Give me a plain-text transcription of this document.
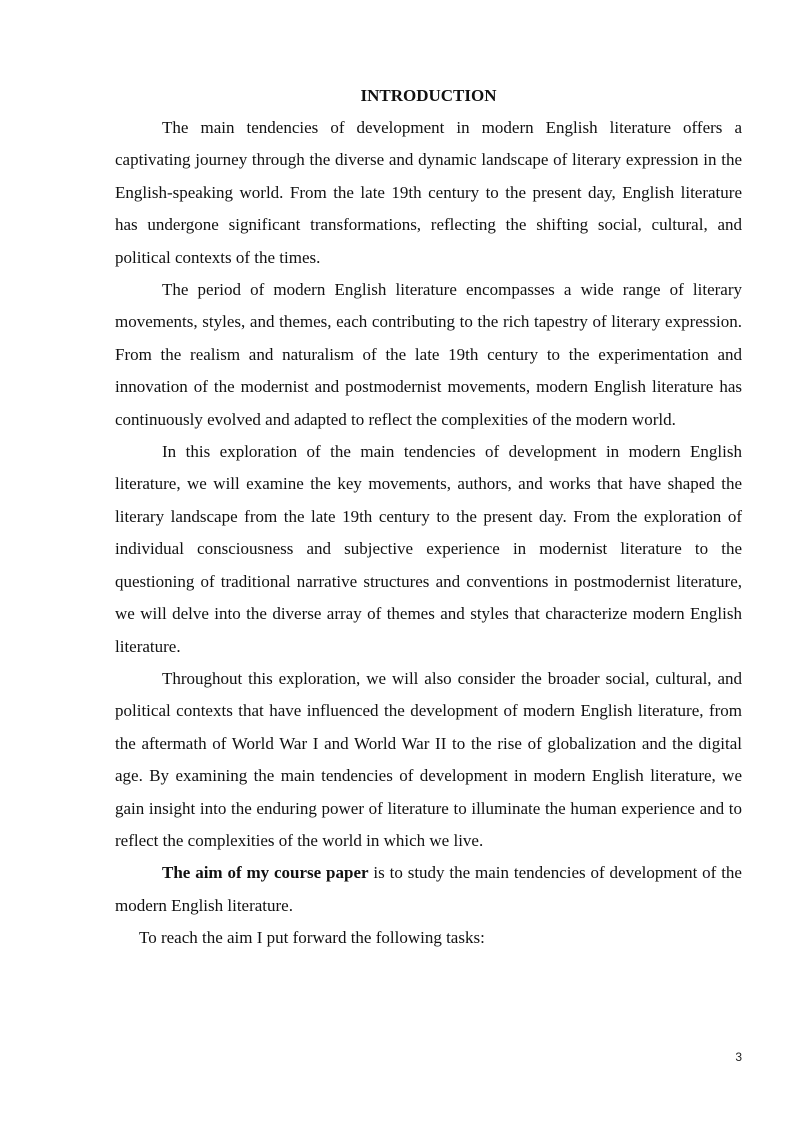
INTRODUCTION

The main tendencies of development in modern English literature offers a captivating journey through the diverse and dynamic landscape of literary expression in the English-speaking world. From the late 19th century to the present day, English literature has undergone significant transformations, reflecting the shifting social, cultural, and political contexts of the times.

The period of modern English literature encompasses a wide range of literary movements, styles, and themes, each contributing to the rich tapestry of literary expression. From the realism and naturalism of the late 19th century to the experimentation and innovation of the modernist and postmodernist movements, modern English literature has continuously evolved and adapted to reflect the complexities of the modern world.

In this exploration of the main tendencies of development in modern English literature, we will examine the key movements, authors, and works that have shaped the literary landscape from the late 19th century to the present day. From the exploration of individual consciousness and subjective experience in modernist literature to the questioning of traditional narrative structures and conventions in postmodernist literature, we will delve into the diverse array of themes and styles that characterize modern English literature.

Throughout this exploration, we will also consider the broader social, cultural, and political contexts that have influenced the development of modern English literature, from the aftermath of World War I and World War II to the rise of globalization and the digital age. By examining the main tendencies of development in modern English literature, we gain insight into the enduring power of literature to illuminate the human experience and to reflect the complexities of the world in which we live.

The aim of my course paper is to study the main tendencies of development of the modern English literature.

To reach the aim I put forward the following tasks:

3
